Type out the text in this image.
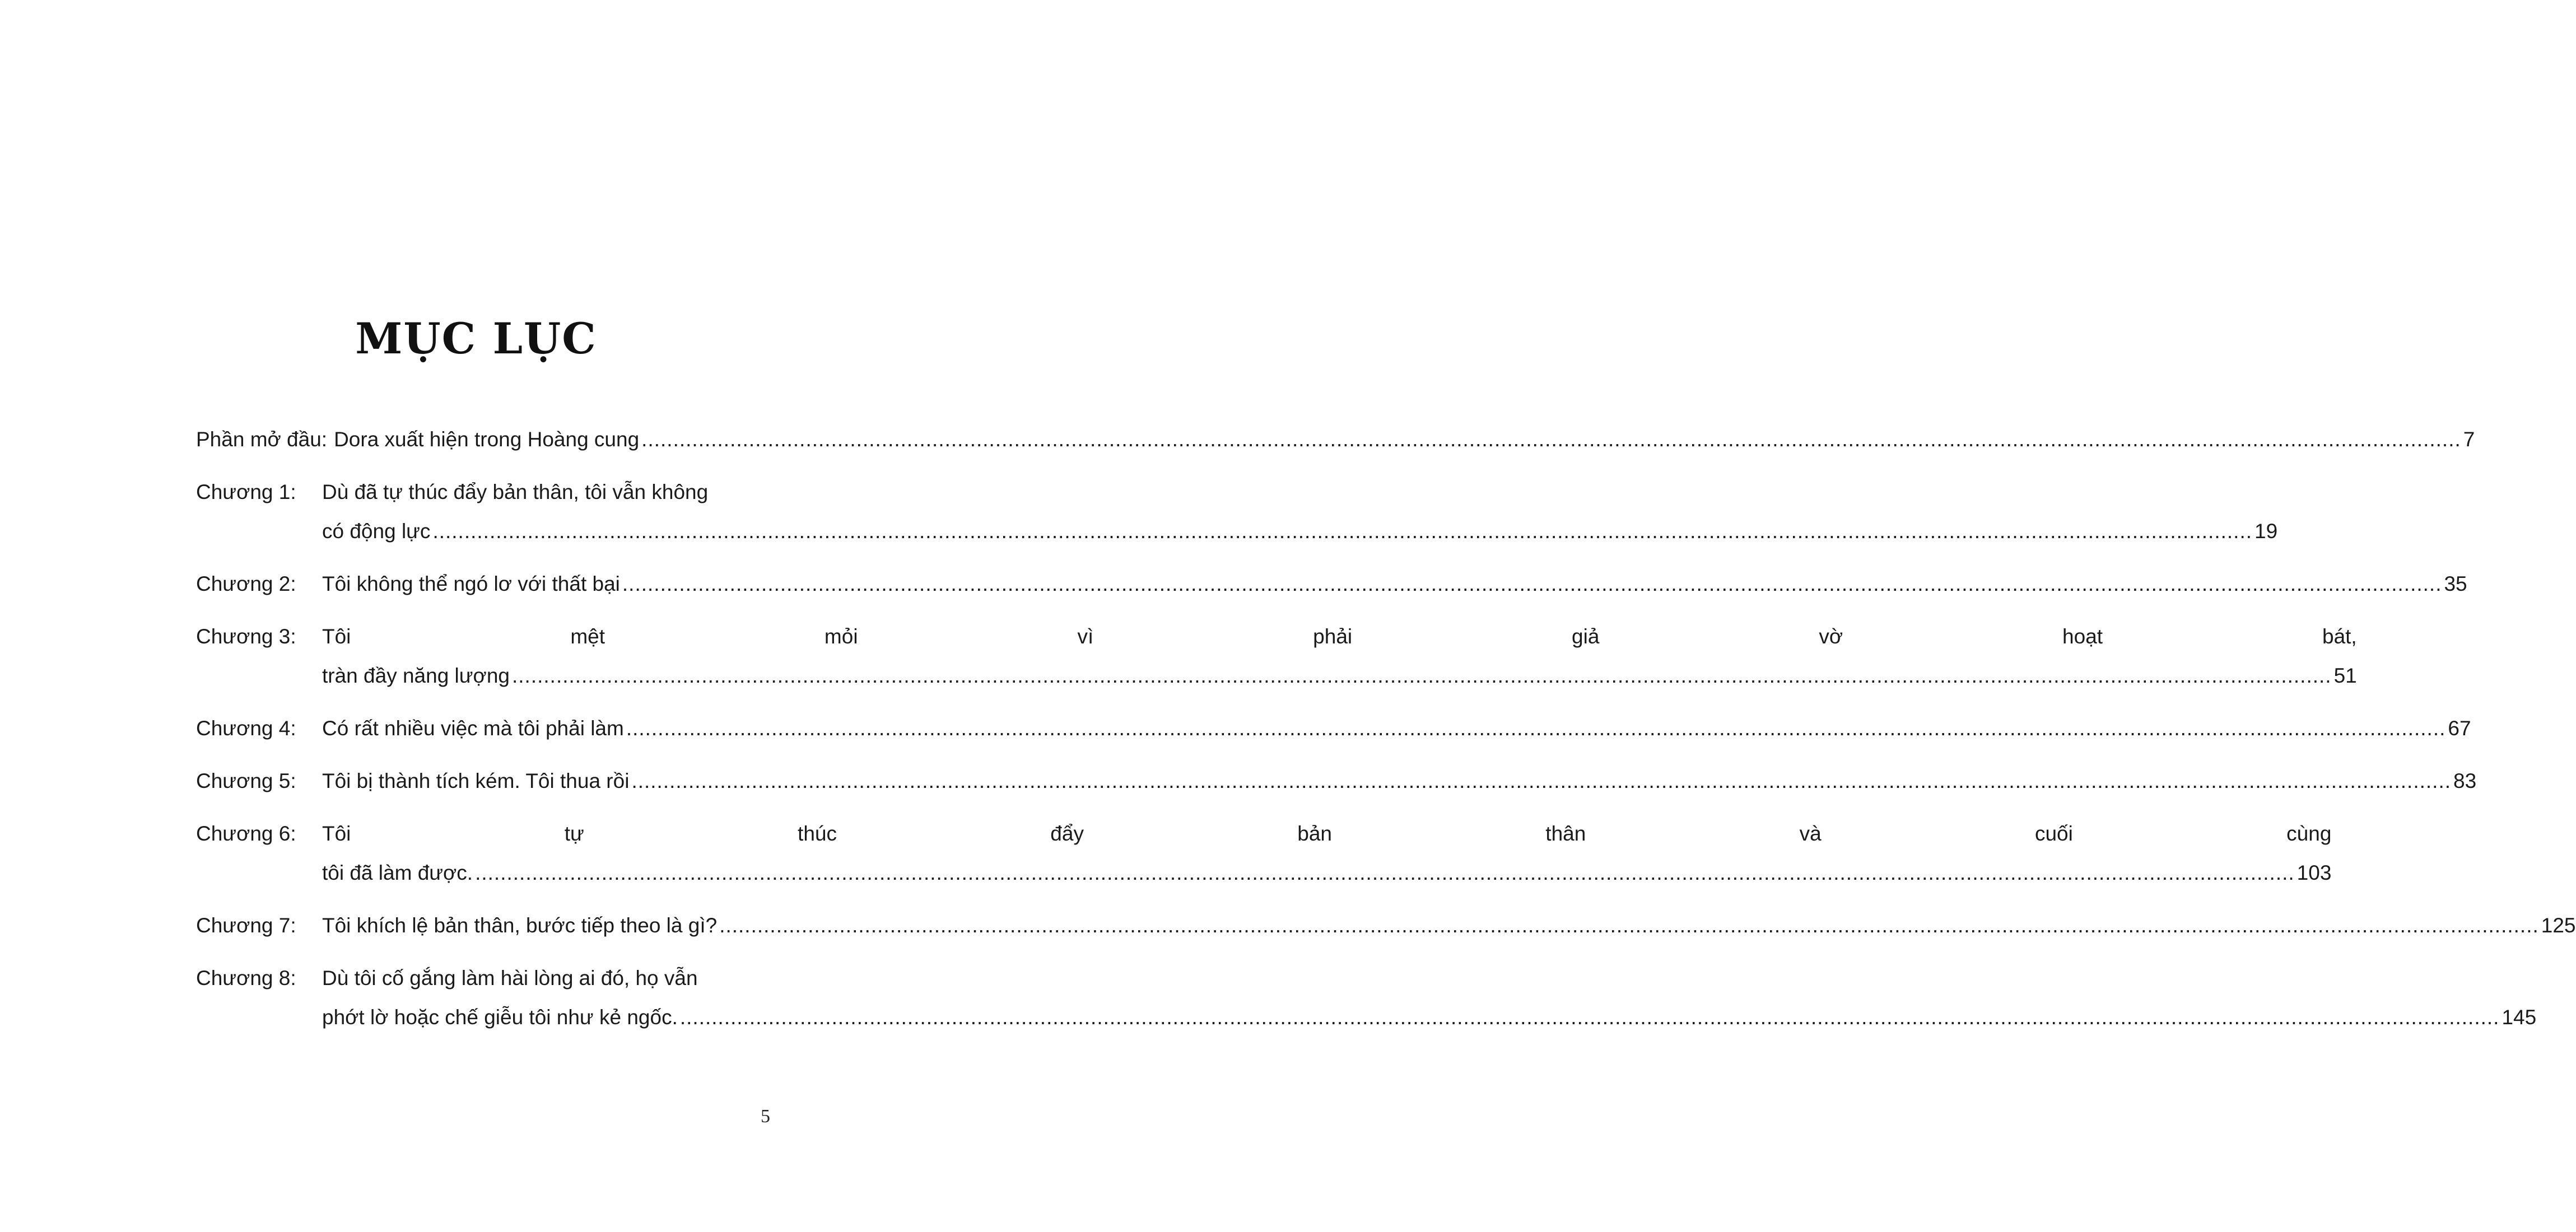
MỤC LỤC
Phần mở đầu: Dora xuất hiện trong Hoàng cung .....	7
Chương 1:	Dù đã tự thúc đẩy bản thân, tôi vẫn không
có động lực .....	19
Chương 2:	Tôi không thể ngó lơ với thất bại .....	35
Chương 3:	Tôi mệt mỏi vì phải giả vờ hoạt bát,
tràn đầy năng lượng .....	51
Chương 4:	Có rất nhiều việc mà tôi phải làm .....	67
Chương 5:	Tôi bị thành tích kém. Tôi thua rồi .....	83
Chương 6:	Tôi tự thúc đẩy bản thân và cuối cùng
tôi đã làm được. .....	103
Chương 7:	Tôi khích lệ bản thân, bước tiếp theo là gì? .....	125
Chương 8:	Dù tôi cố gắng làm hài lòng ai đó, họ vẫn
phớt lờ hoặc chế giễu tôi như kẻ ngốc. .....	145
5
